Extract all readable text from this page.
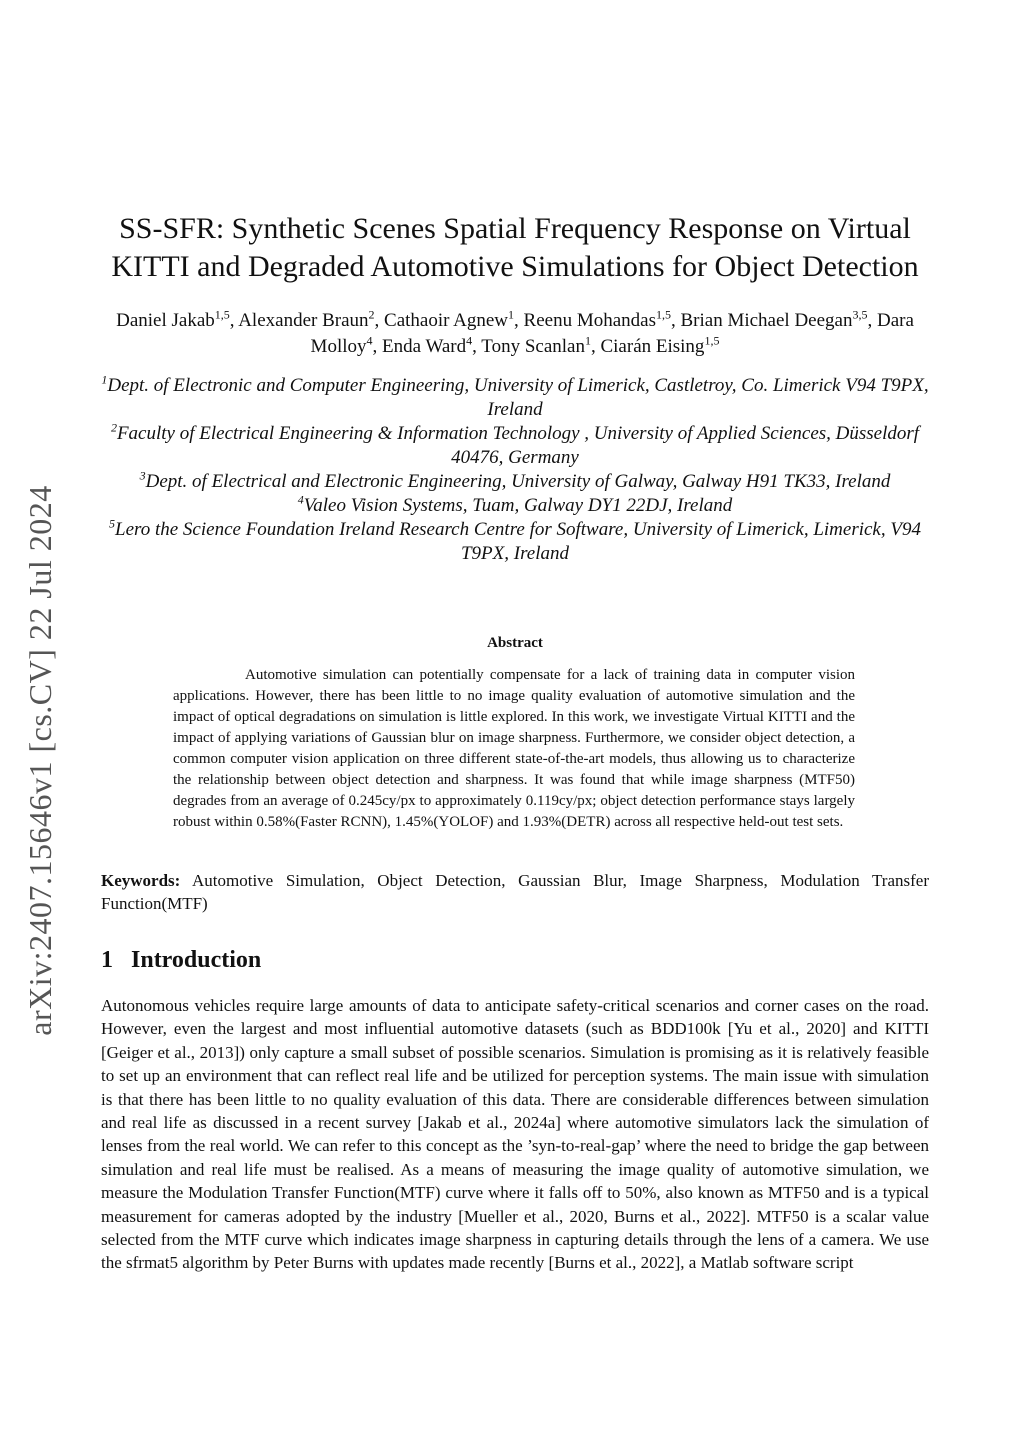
arXiv:2407.15646v1 [cs.CV] 22 Jul 2024
SS-SFR: Synthetic Scenes Spatial Frequency Response on Virtual
KITTI and Degraded Automotive Simulations for Object Detection
Daniel Jakab$^{1,5}$, Alexander Braun$^2$, Cathaoir Agnew$^1$, Reenu Mohandas$^{1,5}$, Brian Michael Deegan$^{3,5}$, Dara Molloy$^4$, Enda Ward$^4$, Tony Scanlan$^1$, Ciarán Eising$^{1,5}$
$^1$Dept. of Electronic and Computer Engineering, University of Limerick, Castletroy, Co. Limerick V94 T9PX, Ireland
$^2$Faculty of Electrical Engineering & Information Technology , University of Applied Sciences, Düsseldorf 40476, Germany
$^3$Dept. of Electrical and Electronic Engineering, University of Galway, Galway H91 TK33, Ireland
$^4$Valeo Vision Systems, Tuam, Galway DY1 22DJ, Ireland
$^5$Lero the Science Foundation Ireland Research Centre for Software, University of Limerick, Limerick, V94 T9PX, Ireland
Abstract
Automotive simulation can potentially compensate for a lack of training data in computer vision applications. However, there has been little to no image quality evaluation of automotive simulation and the impact of optical degradations on simulation is little explored. In this work, we investigate Virtual KITTI and the impact of applying variations of Gaussian blur on image sharpness. Furthermore, we consider object detection, a common computer vision application on three different state-of-the-art models, thus allowing us to characterize the relationship between object detection and sharpness. It was found that while image sharpness (MTF50) degrades from an average of 0.245cy/px to approximately 0.119cy/px; object detection performance stays largely robust within 0.58%(Faster RCNN), 1.45%(YOLOF) and 1.93%(DETR) across all respective held-out test sets.
Keywords: Automotive Simulation, Object Detection, Gaussian Blur, Image Sharpness, Modulation Transfer Function(MTF)
1 Introduction
Autonomous vehicles require large amounts of data to anticipate safety-critical scenarios and corner cases on the road. However, even the largest and most influential automotive datasets (such as BDD100k [Yu et al., 2020] and KITTI [Geiger et al., 2013]) only capture a small subset of possible scenarios. Simulation is promising as it is relatively feasible to set up an environment that can reflect real life and be utilized for perception systems. The main issue with simulation is that there has been little to no quality evaluation of this data. There are considerable differences between simulation and real life as discussed in a recent survey [Jakab et al., 2024a] where automotive simulators lack the simulation of lenses from the real world. We can refer to this concept as the ’syn-to-real-gap’ where the need to bridge the gap between simulation and real life must be realised. As a means of measuring the image quality of automotive simulation, we measure the Modulation Transfer Function(MTF) curve where it falls off to 50%, also known as MTF50 and is a typical measurement for cameras adopted by the industry [Mueller et al., 2020, Burns et al., 2022]. MTF50 is a scalar value selected from the MTF curve which indicates image sharpness in capturing details through the lens of a camera. We use the sfrmat5 algorithm by Peter Burns with updates made recently [Burns et al., 2022], a Matlab software script
